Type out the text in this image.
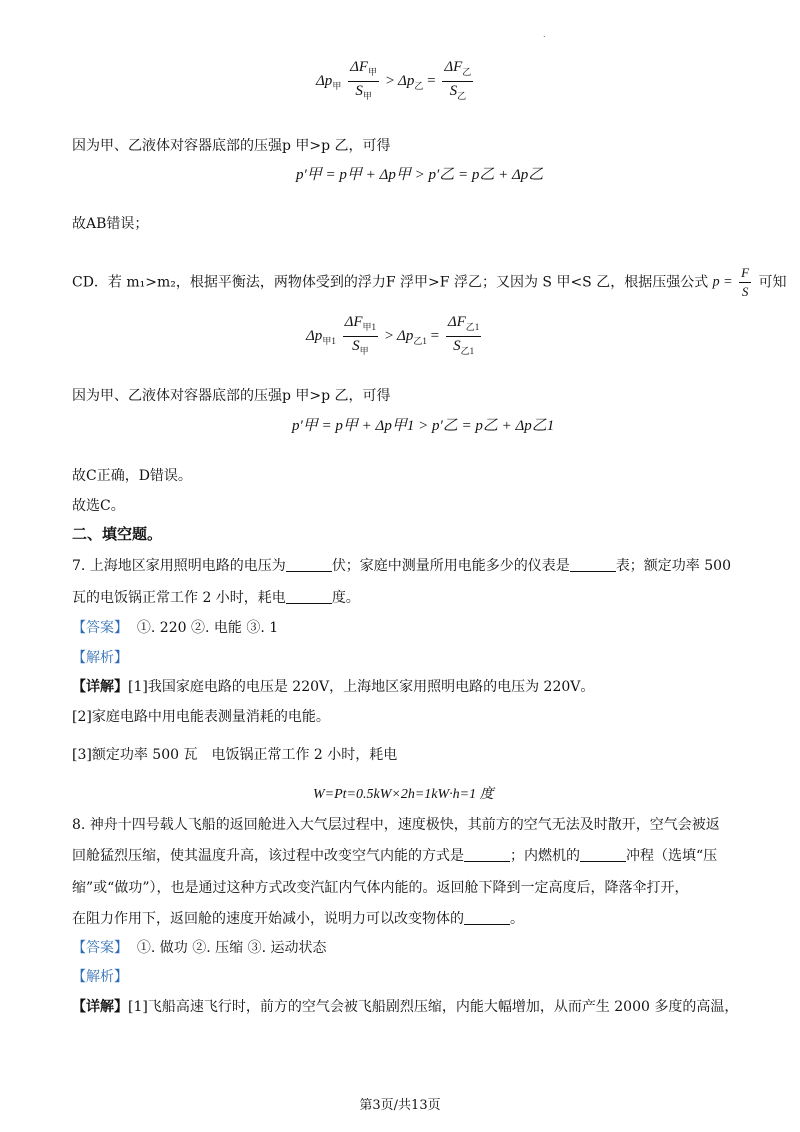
.
$\Delta p_甲 \frac{\Delta F_甲}{S_甲} > \Delta p_乙 = \frac{\Delta F_乙}{S_乙}$
因为甲、乙液体对容器底部的压强p 甲>p 乙，可得
p′甲 = p甲 + Δp甲 > p′乙 = p乙 + Δp乙
故AB错误；
CD．若 m₁>m₂，根据平衡法，两物体受到的浮力F 浮甲>F 浮乙；又因为 S 甲<S 乙，根据压强公式 $p = \frac{F}{S}$ 可知
$\Delta p_{甲1} \frac{\Delta F_{甲1}}{S_甲} > \Delta p_{乙1} = \frac{\Delta F_{乙1}}{S_{乙1}}$
因为甲、乙液体对容器底部的压强p 甲>p 乙，可得
p′甲 = p甲 + Δp甲1 > p′乙 = p乙 + Δp乙1
故C正确，D错误。
故选C。
二、填空题。
7. 上海地区家用照明电路的电压为	伏；家庭中测量所用电能多少的仪表是	表；额定功率 500
瓦的电饭锅正常工作 2 小时，耗电	度。
【答案】 ①. 220 ②. 电能 ③. 1
【解析】
【详解】[1]我国家庭电路的电压是 220V，上海地区家用照明电路的电压为 220V。
[2]家庭电路中用电能表测量消耗的电能。
[3]额定功率 500 瓦　电饭锅正常工作 2 小时，耗电
W=Pt=0.5kW×2h=1kW·h=1 度
8. 神舟十四号载人飞船的返回舱进入大气层过程中，速度极快，其前方的空气无法及时散开，空气会被返
回舱猛烈压缩，使其温度升高，该过程中改变空气内能的方式是	；内燃机的	冲程（选填“压
缩”或“做功”），也是通过这种方式改变汽缸内气体内能的。返回舱下降到一定高度后，降落伞打开，
在阻力作用下，返回舱的速度开始减小，说明力可以改变物体的	。
【答案】 ①. 做功 ②. 压缩 ③. 运动状态
【解析】
【详解】[1]飞船高速飞行时，前方的空气会被飞船剧烈压缩，内能大幅增加，从而产生 2000 多度的高温，
第3页/共13页
